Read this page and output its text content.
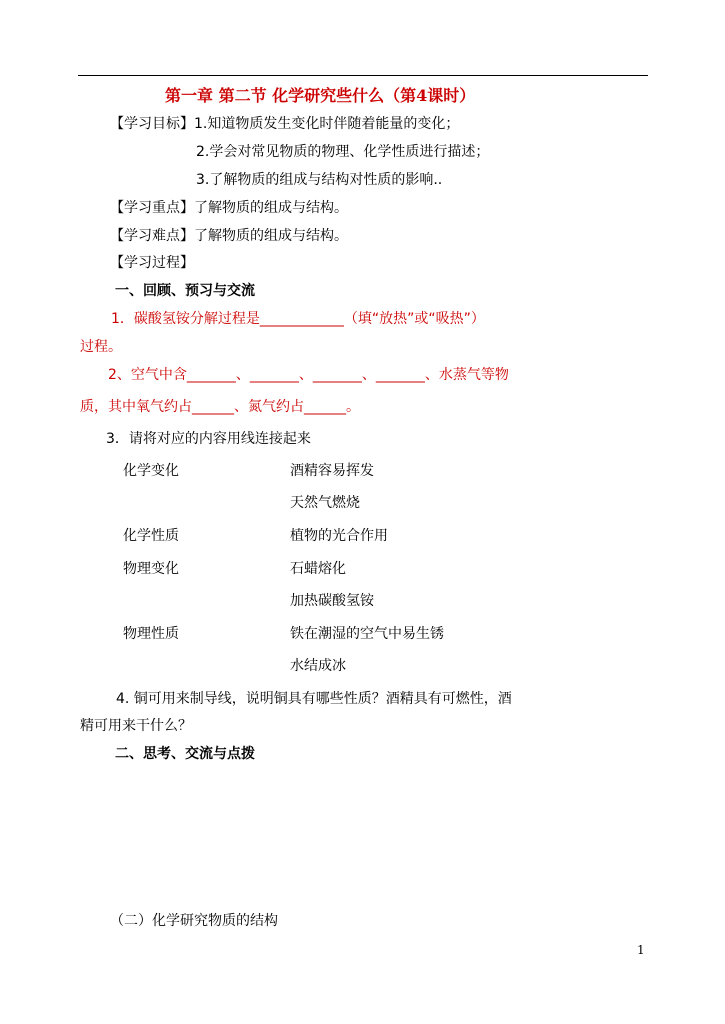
第一章 第二节 化学研究些什么（第4课时）
【学习目标】1.知道物质发生变化时伴随着能量的变化；
2.学会对常见物质的物理、化学性质进行描述；
3.了解物质的组成与结构对性质的影响..
【学习重点】了解物质的组成与结构。
【学习难点】了解物质的组成与结构。
【学习过程】
一、回顾、预习与交流
1．碳酸氢铵分解过程是____________（填“放热”或“吸热”）
过程。
2、空气中含_______、_______、_______、_______、水蒸气等物
质，其中氧气约占______、氮气约占______。
3．请将对应的内容用线连接起来
化学变化	酒精容易挥发
天然气燃烧
化学性质	植物的光合作用
物理变化	石蜡熔化
加热碳酸氢铵
物理性质	铁在潮湿的空气中易生锈
水结成冰
4. 铜可用来制导线，说明铜具有哪些性质？酒精具有可燃性，酒
精可用来干什么？
二、思考、交流与点拨
（二）化学研究物质的结构
1
